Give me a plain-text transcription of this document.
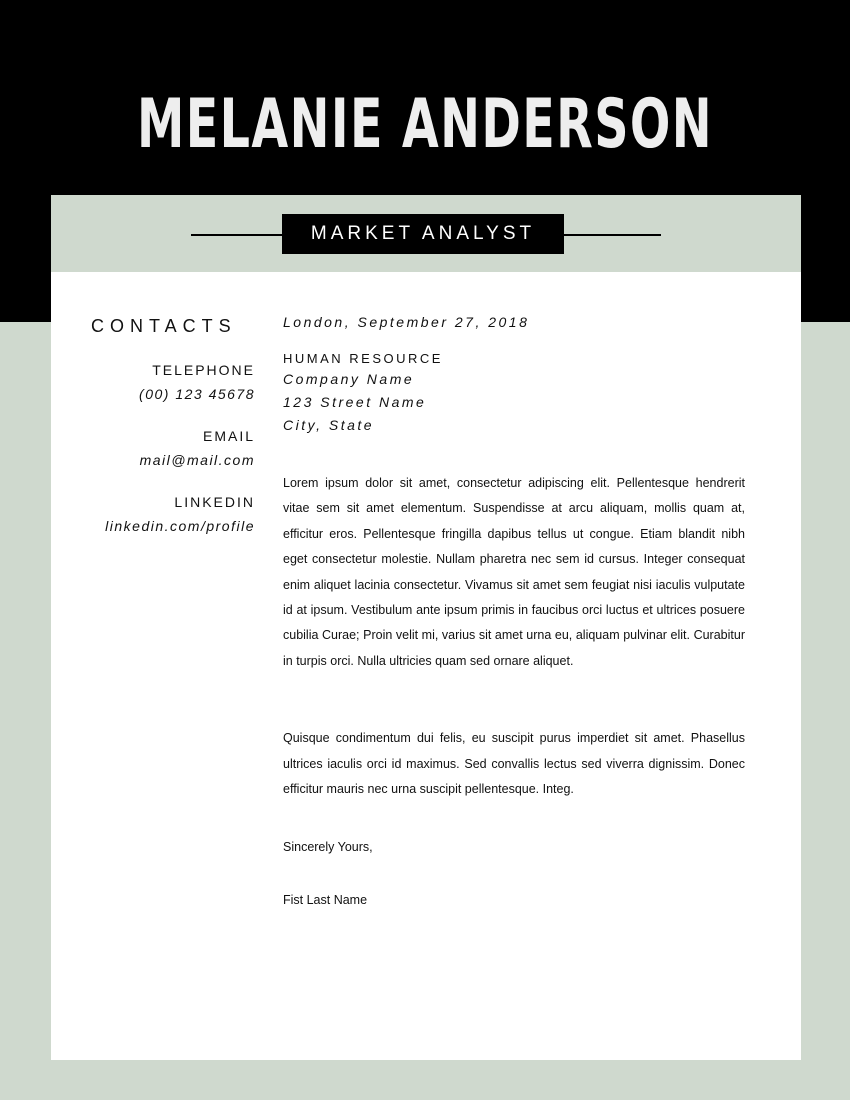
MELANIE ANDERSON
MARKET ANALYST
CONTACTS
TELEPHONE
(00) 123 45678
EMAIL
mail@mail.com
LINKEDIN
linkedin.com/profile
London, September 27, 2018
HUMAN RESOURCE
Company Name
123 Street Name
City, State

Lorem ipsum dolor sit amet, consectetur adipiscing elit. Pellentesque hendrerit vitae sem sit amet elementum. Suspendisse at arcu aliquam, mollis quam at, efficitur eros. Pellentesque fringilla dapibus tellus ut congue. Etiam blandit nibh eget consectetur molestie. Nullam pharetra nec sem id cursus. Integer consequat enim aliquet lacinia consectetur. Vivamus sit amet sem feugiat nisi iaculis vulputate id at ipsum. Vestibulum ante ipsum primis in faucibus orci luctus et ultrices posuere cubilia Curae; Proin velit mi, varius sit amet urna eu, aliquam pulvinar elit. Curabitur in turpis orci. Nulla ultricies quam sed ornare aliquet.

Quisque condimentum dui felis, eu suscipit purus imperdiet sit amet. Phasellus ultrices iaculis orci id maximus. Sed convallis lectus sed viverra dignissim. Donec efficitur mauris nec urna suscipit pellentesque. Integ.

Sincerely Yours,
Fist Last Name
